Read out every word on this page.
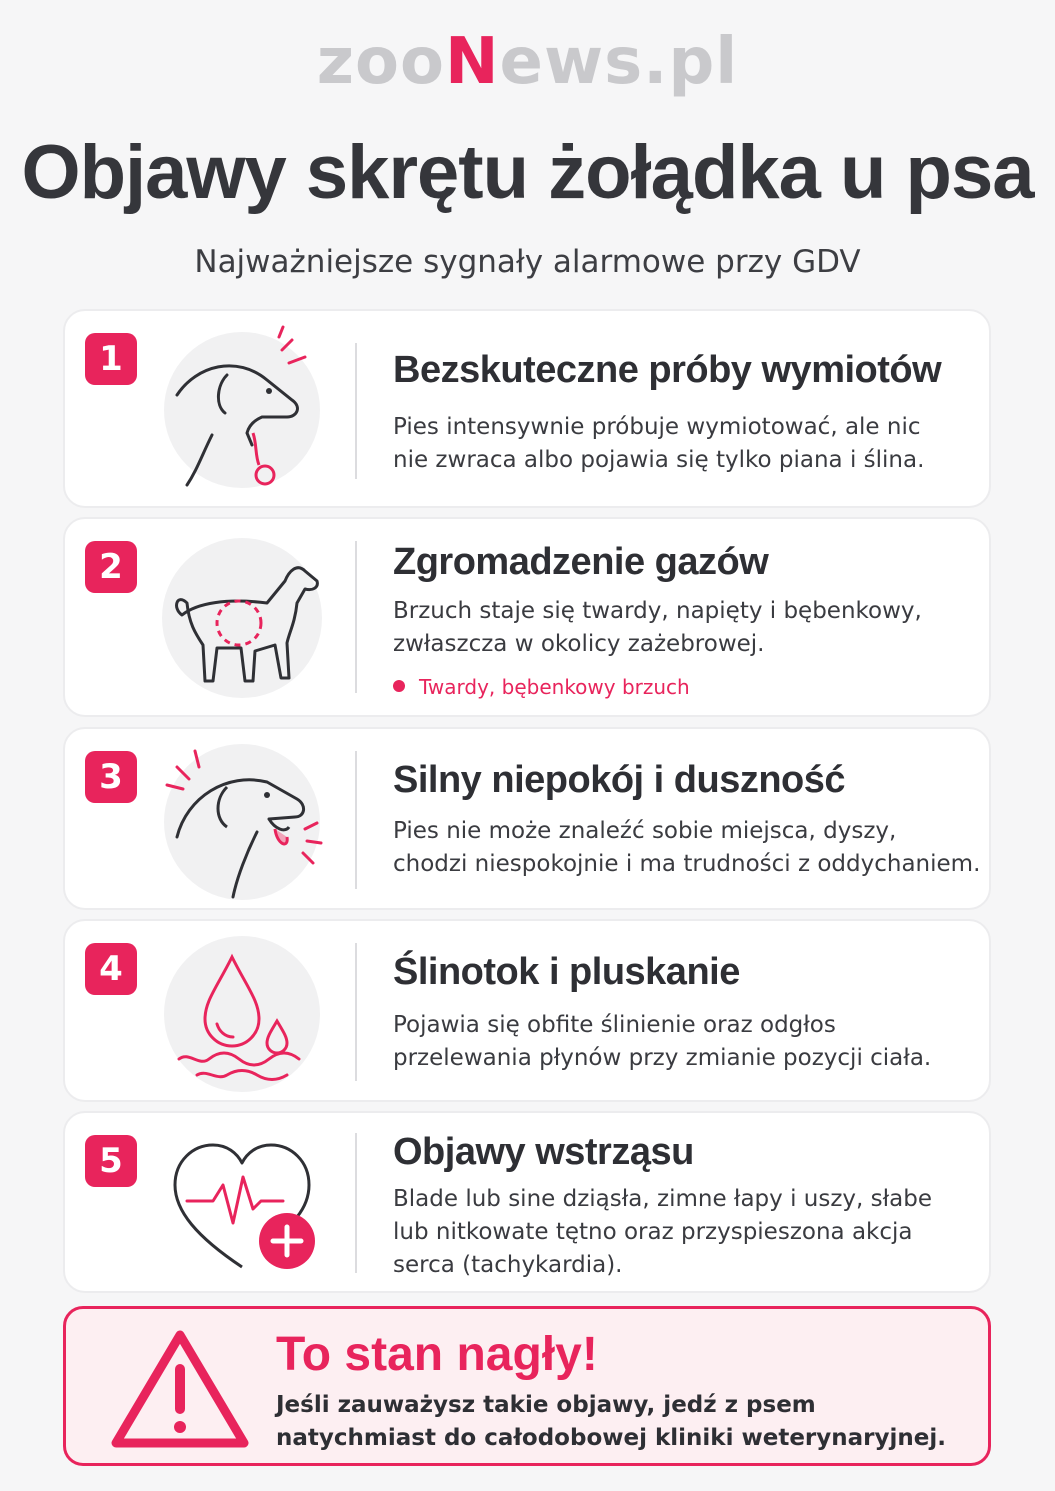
zooNews.pl
Objawy skrętu żołądka u psa
Najważniejsze sygnały alarmowe przy GDV
1	Bezskuteczne próby wymiotów
Pies intensywnie próbuje wymiotować, ale nic
nie zwraca albo pojawia się tylko piana i ślina.
2	Zgromadzenie gazów
Brzuch staje się twardy, napięty i bębenkowy,
zwłaszcza w okolicy zażebrowej.
Twardy, bębenkowy brzuch
3	Silny niepokój i duszność
Pies nie może znaleźć sobie miejsca, dyszy,
chodzi niespokojnie i ma trudności z oddychaniem.
4	Ślinotok i pluskanie
Pojawia się obfite ślinienie oraz odgłos
przelewania płynów przy zmianie pozycji ciała.
5	Objawy wstrząsu
Blade lub sine dziąsła, zimne łapy i uszy, słabe
lub nitkowate tętno oraz przyspieszona akcja
serca (tachykardia).
To stan nagły!
Jeśli zauważysz takie objawy, jedź z psem
natychmiast do całodobowej kliniki weterynaryjnej.
